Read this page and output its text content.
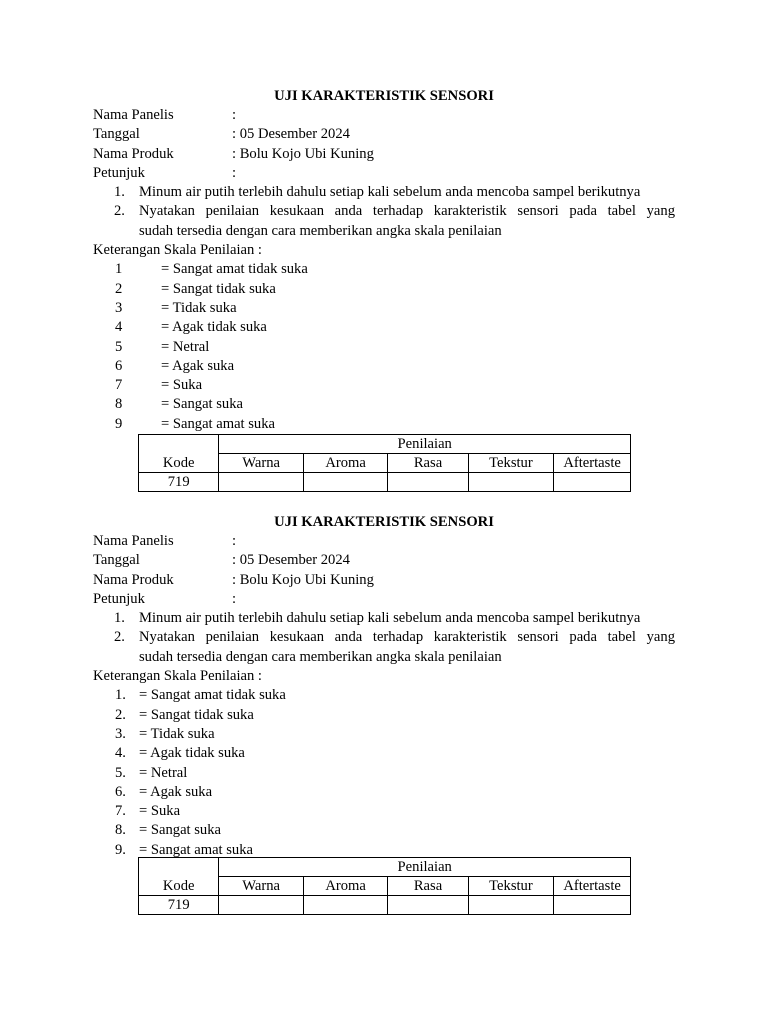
UJI KARAKTERISTIK SENSORI
Nama Panelis	:
Tanggal	: 05 Desember 2024
Nama Produk	: Bolu Kojo Ubi Kuning
Petunjuk	:
1. Minum air putih terlebih dahulu setiap kali sebelum anda mencoba sampel berikutnya
2. Nyatakan penilaian kesukaan anda terhadap karakteristik sensori pada tabel yang
sudah tersedia dengan cara memberikan angka skala penilaian
Keterangan Skala Penilaian :
1	= Sangat amat tidak suka
2	= Sangat tidak suka
3	= Tidak suka
4	= Agak tidak suka
5	= Netral
6	= Agak suka
7	= Suka
8	= Sangat suka
9	= Sangat amat suka
Kode	Penilaian				
	Warna	Aroma	Rasa	Tekstur	Aftertaste
719					
UJI KARAKTERISTIK SENSORI
Nama Panelis	:
Tanggal	: 05 Desember 2024
Nama Produk	: Bolu Kojo Ubi Kuning
Petunjuk	:
1. Minum air putih terlebih dahulu setiap kali sebelum anda mencoba sampel berikutnya
2. Nyatakan penilaian kesukaan anda terhadap karakteristik sensori pada tabel yang
sudah tersedia dengan cara memberikan angka skala penilaian
Keterangan Skala Penilaian :
1. = Sangat amat tidak suka
2. = Sangat tidak suka
3. = Tidak suka
4. = Agak tidak suka
5. = Netral
6. = Agak suka
7. = Suka
8. = Sangat suka
9. = Sangat amat suka
Kode	Penilaian				
	Warna	Aroma	Rasa	Tekstur	Aftertaste
719					
